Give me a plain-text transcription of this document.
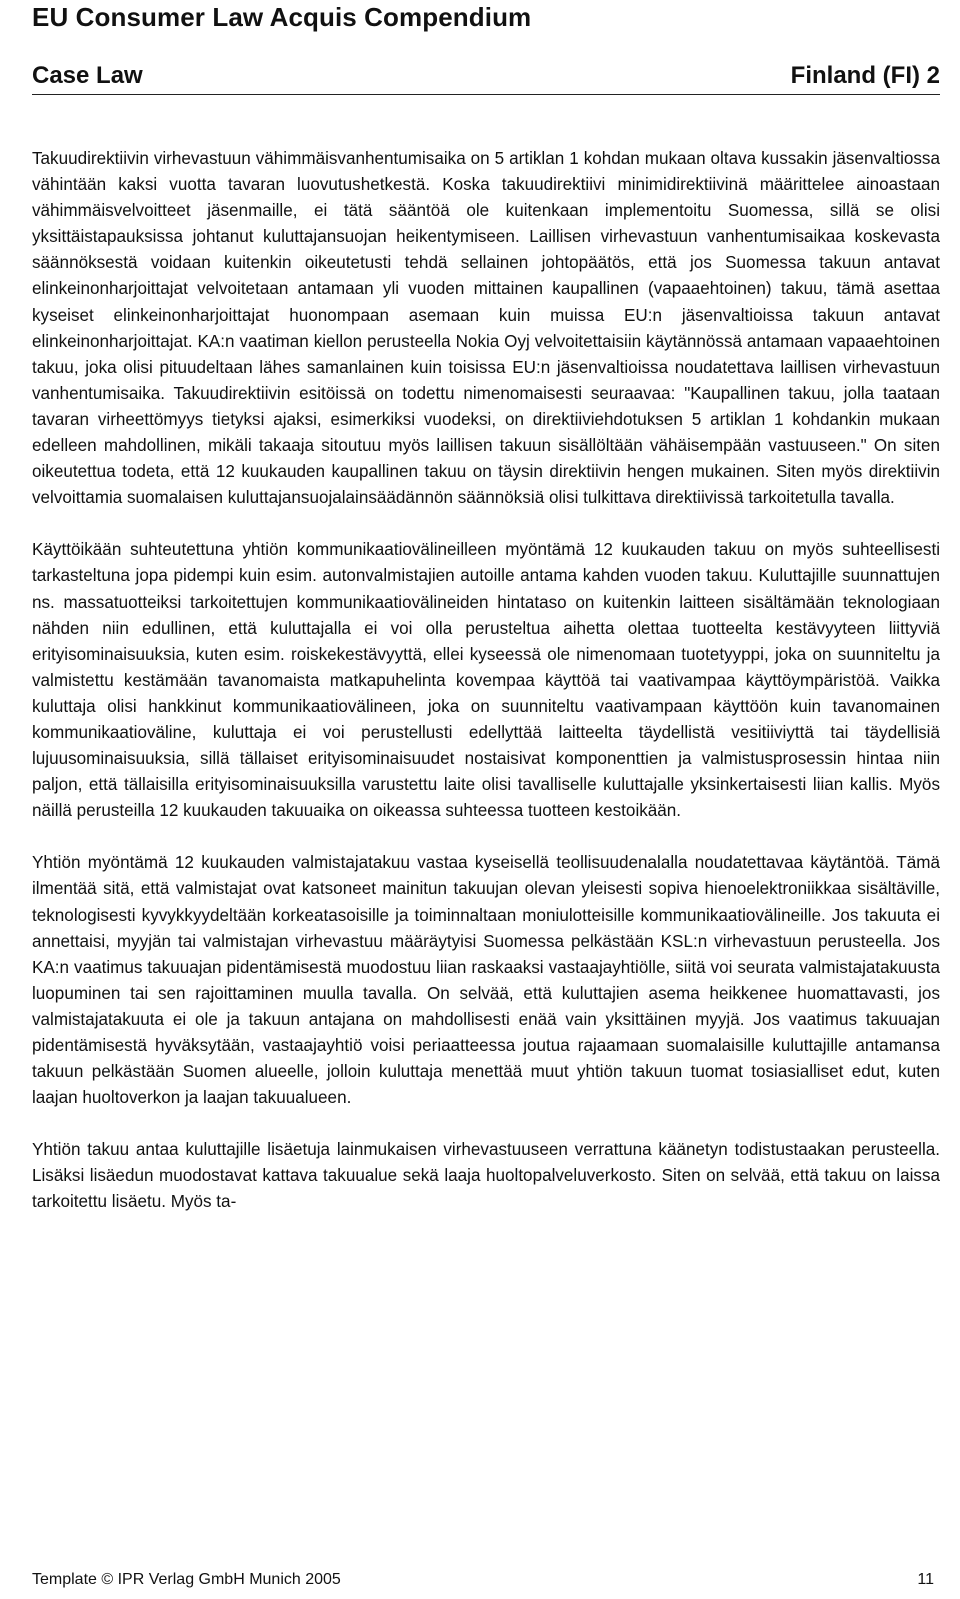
EU Consumer Law Acquis Compendium
Case Law	Finland (FI) 2

Takuudirektiivin virhevastuun vähimmäisvanhentumisaika on 5 artiklan 1 kohdan mukaan oltava kussakin jäsenvaltiossa vähintään kaksi vuotta tavaran luovutushetkestä. Koska takuudirektiivi minimidirektiivinä määrittelee ainoastaan vähimmäisvelvoitteet jäsenmaille, ei tätä sääntöä ole kuitenkaan implementoitu Suomessa, sillä se olisi yksittäistapauksissa johtanut kuluttajansuojan heikentymiseen. Laillisen virhevastuun vanhentumisaikaa koskevasta säännöksestä voidaan kuitenkin oikeutetusti tehdä sellainen johtopäätös, että jos Suomessa takuun antavat elinkeinonharjoittajat velvoitetaan antamaan yli vuoden mittainen kaupallinen (vapaaehtoinen) takuu, tämä asettaa kyseiset elinkeinonharjoittajat huonompaan asemaan kuin muissa EU:n jäsenvaltioissa takuun antavat elinkeinonharjoittajat. KA:n vaatiman kiellon perusteella Nokia Oyj velvoitettaisiin käytännössä antamaan vapaaehtoinen takuu, joka olisi pituudeltaan lähes samanlainen kuin toisissa EU:n jäsenvaltioissa noudatettava laillisen virhevastuun vanhentumisaika. Takuudirektiivin esitöissä on todettu nimenomaisesti seuraavaa: "Kaupallinen takuu, jolla taataan tavaran virheettömyys tietyksi ajaksi, esimerkiksi vuodeksi, on direktiiviehdotuksen 5 artiklan 1 kohdankin mukaan edelleen mahdollinen, mikäli takaaja sitoutuu myös laillisen takuun sisällöltään vähäisempään vastuuseen." On siten oikeutettua todeta, että 12 kuukauden kaupallinen takuu on täysin direktiivin hengen mukainen. Siten myös direktiivin velvoittamia suomalaisen kuluttajansuojalainsäädännön säännöksiä olisi tulkittava direktiivissä tarkoitetulla tavalla.

Käyttöikään suhteutettuna yhtiön kommunikaatiovälineilleen myöntämä 12 kuukauden takuu on myös suhteellisesti tarkasteltuna jopa pidempi kuin esim. autonvalmistajien autoille antama kahden vuoden takuu. Kuluttajille suunnattujen ns. massatuotteiksi tarkoitettujen kommunikaatiovälineiden hintataso on kuitenkin laitteen sisältämään teknologiaan nähden niin edullinen, että kuluttajalla ei voi olla perusteltua aihetta olettaa tuotteelta kestävyyteen liittyviä erityisominaisuuksia, kuten esim. roiskekestävyyttä, ellei kyseessä ole nimenomaan tuotetyyppi, joka on suunniteltu ja valmistettu kestämään tavanomaista matkapuhelinta kovempaa käyttöä tai vaativampaa käyttöympäristöä. Vaikka kuluttaja olisi hankkinut kommunikaatiovälineen, joka on suunniteltu vaativampaan käyttöön kuin tavanomainen kommunikaatioväline, kuluttaja ei voi perustellusti edellyttää laitteelta täydellistä vesitiiviyttä tai täydellisiä lujuusominaisuuksia, sillä tällaiset erityisominaisuudet nostaisivat komponenttien ja valmistusprosessin hintaa niin paljon, että tällaisilla erityisominaisuuksilla varustettu laite olisi tavalliselle kuluttajalle yksinkertaisesti liian kallis. Myös näillä perusteilla 12 kuukauden takuuaika on oikeassa suhteessa tuotteen kestoikään.

Yhtiön myöntämä 12 kuukauden valmistajatakuu vastaa kyseisellä teollisuudenalalla noudatettavaa käytäntöä. Tämä ilmentää sitä, että valmistajat ovat katsoneet mainitun takuujan olevan yleisesti sopiva hienoelektroniikkaa sisältäville, teknologisesti kyvykkyydeltään korkeatasoisille ja toiminnaltaan moniulotteisille kommunikaatiovälineille. Jos takuuta ei annettaisi, myyjän tai valmistajan virhevastuu määräytyisi Suomessa pelkästään KSL:n virhevastuun perusteella. Jos KA:n vaatimus takuuajan pidentämisestä muodostuu liian raskaaksi vastaajayhtiölle, siitä voi seurata valmistajatakuusta luopuminen tai sen rajoittaminen muulla tavalla. On selvää, että kuluttajien asema heikkenee huomattavasti, jos valmistajatakuuta ei ole ja takuun antajana on mahdollisesti enää vain yksittäinen myyjä. Jos vaatimus takuuajan pidentämisestä hyväksytään, vastaajayhtiö voisi periaatteessa joutua rajaamaan suomalaisille kuluttajille antamansa takuun pelkästään Suomen alueelle, jolloin kuluttaja menettää muut yhtiön takuun tuomat tosiasialliset edut, kuten laajan huoltoverkon ja laajan takuualueen.

Yhtiön takuu antaa kuluttajille lisäetuja lainmukaisen virhevastuuseen verrattuna käänetyn todistustaakan perusteella. Lisäksi lisäedun muodostavat kattava takuualue sekä laaja huoltopalveluverkosto. Siten on selvää, että takuu on laissa tarkoitettu lisäetu. Myös ta-

Template © IPR Verlag GmbH Munich 2005	11
